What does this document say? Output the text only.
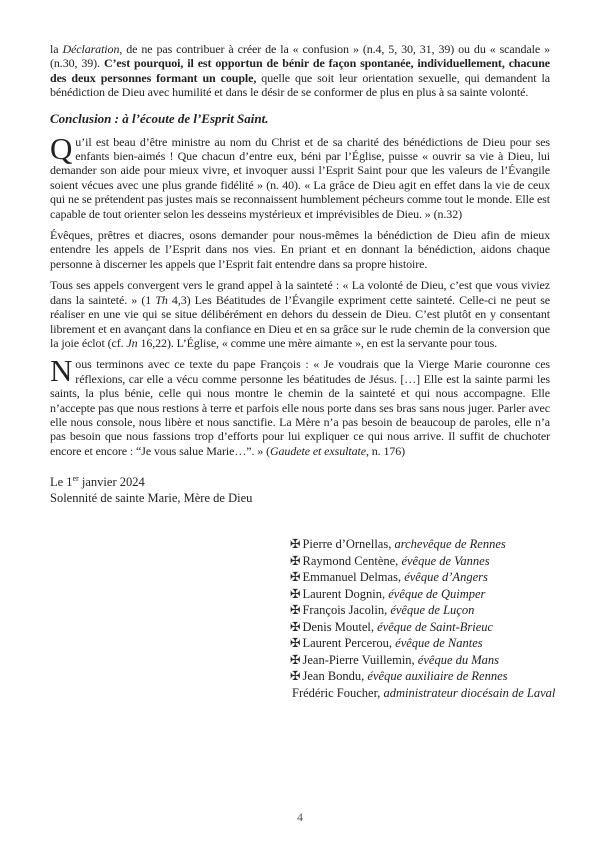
la Déclaration, de ne pas contribuer à créer de la « confusion » (n.4, 5, 30, 31, 39) ou du « scandale » (n.30, 39). C’est pourquoi, il est opportun de bénir de façon spontanée, individuellement, chacune des deux personnes formant un couple, quelle que soit leur orientation sexuelle, qui demandent la bénédiction de Dieu avec humilité et dans le désir de se conformer de plus en plus à sa sainte volonté.

Conclusion : à l’écoute de l’Esprit Saint.

Qu’il est beau d’être ministre au nom du Christ et de sa charité des bénédictions de Dieu pour ses enfants bien-aimés ! Que chacun d’entre eux, béni par l’Église, puisse « ouvrir sa vie à Dieu, lui demander son aide pour mieux vivre, et invoquer aussi l’Esprit Saint pour que les valeurs de l’Évangile soient vécues avec une plus grande fidélité » (n. 40). « La grâce de Dieu agit en effet dans la vie de ceux qui ne se prétendent pas justes mais se reconnaissent humblement pécheurs comme tout le monde. Elle est capable de tout orienter selon les desseins mystérieux et imprévisibles de Dieu. » (n.32)

Évêques, prêtres et diacres, osons demander pour nous-mêmes la bénédiction de Dieu afin de mieux entendre les appels de l’Esprit dans nos vies. En priant et en donnant la bénédiction, aidons chaque personne à discerner les appels que l’Esprit fait entendre dans sa propre histoire.

Tous ses appels convergent vers le grand appel à la sainteté : « La volonté de Dieu, c’est que vous viviez dans la sainteté. » (1 Th 4,3) Les Béatitudes de l’Évangile expriment cette sainteté. Celle-ci ne peut se réaliser en une vie qui se situe délibérément en dehors du dessein de Dieu. C’est plutôt en y consentant librement et en avançant dans la confiance en Dieu et en sa grâce sur le rude chemin de la conversion que la joie éclot (cf. Jn 16,22). L’Église, « comme une mère aimante », en est la servante pour tous.

Nous terminons avec ce texte du pape François : « Je voudrais que la Vierge Marie couronne ces réflexions, car elle a vécu comme personne les béatitudes de Jésus. […] Elle est la sainte parmi les saints, la plus bénie, celle qui nous montre le chemin de la sainteté et qui nous accompagne. Elle n’accepte pas que nous restions à terre et parfois elle nous porte dans ses bras sans nous juger. Parler avec elle nous console, nous libère et nous sanctifie. La Mère n’a pas besoin de beaucoup de paroles, elle n’a pas besoin que nous fassions trop d’efforts pour lui expliquer ce qui nous arrive. Il suffit de chuchoter encore et encore : “Je vous salue Marie…”. » (Gaudete et exsultate, n. 176)

Le 1er janvier 2024

Solennité de sainte Marie, Mère de Dieu

✠ Pierre d’Ornellas, archevêque de Rennes
✠ Raymond Centène, évêque de Vannes
✠ Emmanuel Delmas, évêque d’Angers
✠ Laurent Dognin, évêque de Quimper
✠ François Jacolin, évêque de Luçon
✠ Denis Moutel, évêque de Saint-Brieuc
✠ Laurent Percerou, évêque de Nantes
✠ Jean-Pierre Vuillemin, évêque du Mans
✠ Jean Bondu, évêque auxiliaire de Rennes
Frédéric Foucher, administrateur diocésain de Laval
4
